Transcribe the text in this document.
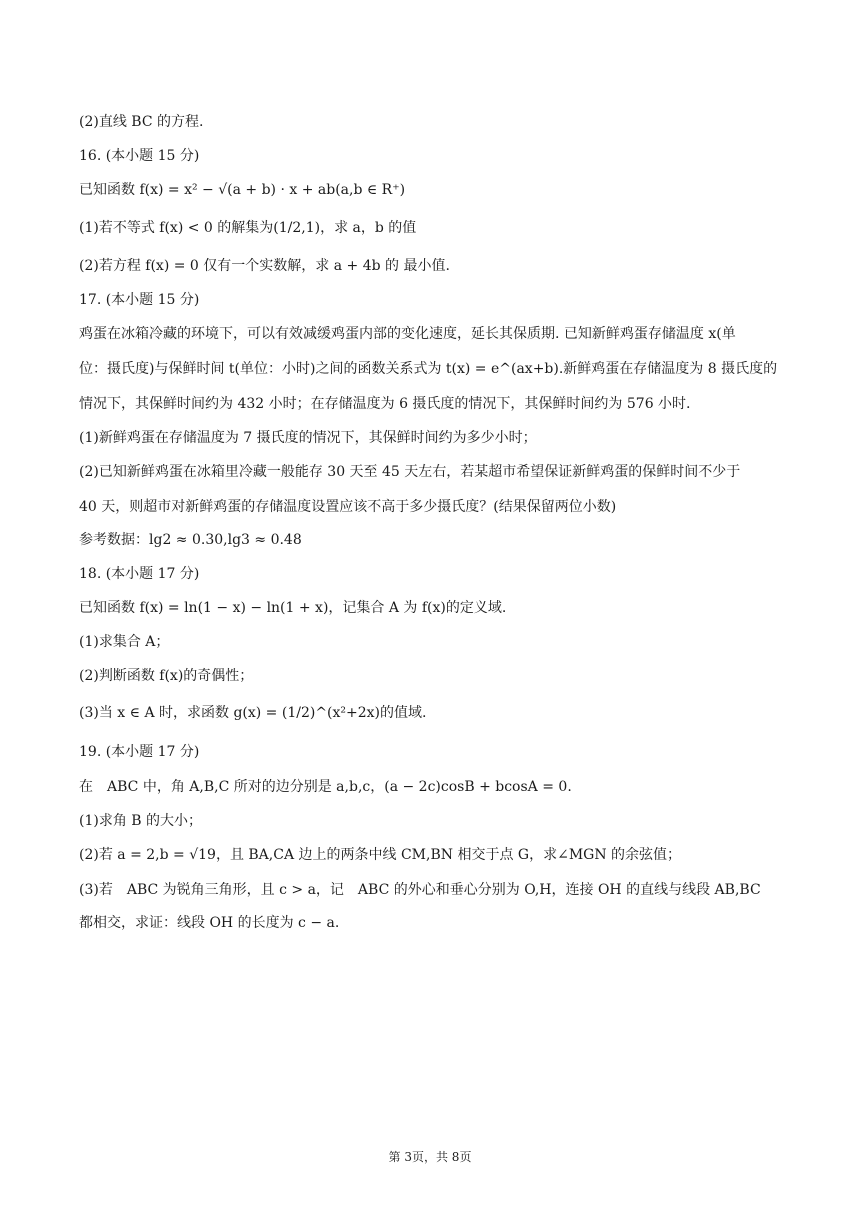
(2)直线 BC 的方程.
16. (本小题 15 分)
已知函数 f(x) = x² − √(a + b) · x + ab(a,b ∈ R⁺)
(1)若不等式 f(x) < 0 的解集为(1/2,1)，求 a，b 的值
(2)若方程 f(x) = 0 仅有一个实数解，求 a + 4b 的 最小值.
17. (本小题 15 分)
鸡蛋在冰箱冷藏的环境下，可以有效减缓鸡蛋内部的变化速度，延长其保质期. 已知新鲜鸡蛋存储温度 x(单
位：摄氏度)与保鲜时间 t(单位：小时)之间的函数关系式为 t(x) = e^(ax+b).新鲜鸡蛋在存储温度为 8 摄氏度的
情况下，其保鲜时间约为 432 小时；在存储温度为 6 摄氏度的情况下，其保鲜时间约为 576 小时.
(1)新鲜鸡蛋在存储温度为 7 摄氏度的情况下，其保鲜时间约为多少小时；
(2)已知新鲜鸡蛋在冰箱里冷藏一般能存 30 天至 45 天左右，若某超市希望保证新鲜鸡蛋的保鲜时间不少于
40 天，则超市对新鲜鸡蛋的存储温度设置应该不高于多少摄氏度？(结果保留两位小数)
参考数据：lg2 ≈ 0.30,lg3 ≈ 0.48
18. (本小题 17 分)
已知函数 f(x) = ln(1 − x) − ln(1 + x)，记集合 A 为 f(x)的定义域.
(1)求集合 A；
(2)判断函数 f(x)的奇偶性；
(3)当 x ∈ A 时，求函数 g(x) = (1/2)^(x²+2x)的值域.
19. (本小题 17 分)
在　ABC 中，角 A,B,C 所对的边分别是 a,b,c，(a − 2c)cosB + bcosA = 0.
(1)求角 B 的大小；
(2)若 a = 2,b = √19，且 BA,CA 边上的两条中线 CM,BN 相交于点 G，求∠MGN 的余弦值；
(3)若　ABC 为锐角三角形，且 c > a，记　ABC 的外心和垂心分别为 O,H，连接 OH 的直线与线段 AB,BC
都相交，求证：线段 OH 的长度为 c − a.
第 3页，共 8页
